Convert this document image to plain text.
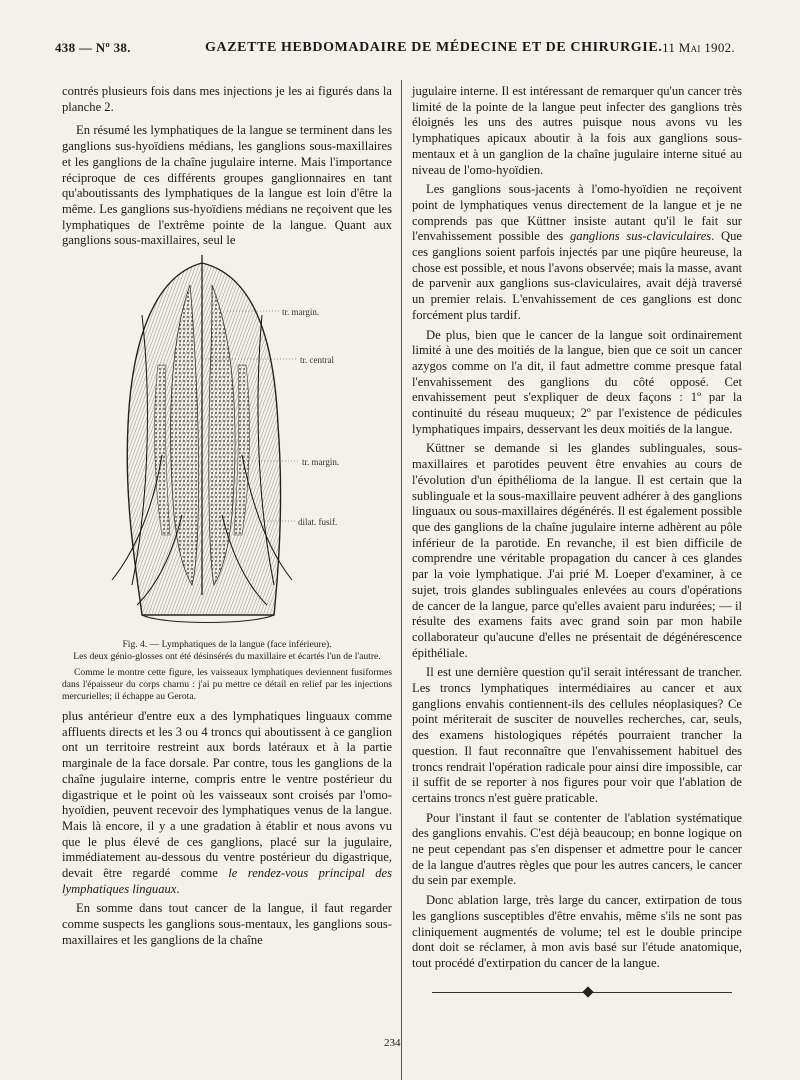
438 — Nº 38.	GAZETTE HEBDOMADAIRE DE MÉDECINE ET DE CHIRURGIE. 11 Mai 1902.

contrés plusieurs fois dans mes injections je les ai figurés dans la planche 2.

En résumé les lymphatiques de la langue se terminent dans les ganglions sus-hyoïdiens médians, les ganglions sous-maxillaires et les ganglions de la chaîne jugulaire interne. Mais l'importance réciproque de ces différents groupes ganglionnaires en tant qu'aboutissants des lymphatiques de la langue est loin d'être la même. Les ganglions sus-hyoïdiens médians ne reçoivent que les lymphatiques de l'extrême pointe de la langue. Quant aux ganglions sous-maxillaires, seul le

tr. margin.
tr. central
tr. margin.
dilat. fusif.
Fig. 4. — Lymphatiques de la langue (face inférieure).
Les deux génio-glosses ont été désinsérés du maxillaire et écartés l'un de l'autre.
Comme le montre cette figure, les vaisseaux lymphatiques deviennent fusiformes dans l'épaisseur du corps charnu : j'ai pu mettre ce détail en relief par les injections mercurielles; il échappe au Gerota.

plus antérieur d'entre eux a des lymphatiques linguaux comme affluents directs et les 3 ou 4 troncs qui aboutissent à ce ganglion ont un territoire restreint aux bords latéraux et à la partie marginale de la face dorsale. Par contre, tous les ganglions de la chaîne jugulaire interne, compris entre le ventre postérieur du digastrique et le point où les vaisseaux sont croisés par l'omo-hyoïdien, peuvent recevoir des lymphatiques venus de la langue. Mais là encore, il y a une gradation à établir et nous avons vu que le plus élevé de ces ganglions, placé sur la jugulaire, immédiatement au-dessous du ventre postérieur du digastrique, devait être regardé comme le rendez-vous principal des lymphatiques linguaux.

En somme dans tout cancer de la langue, il faut regarder comme suspects les ganglions sous-mentaux, les ganglions sous-maxillaires et les ganglions de la chaîne

jugulaire interne. Il est intéressant de remarquer qu'un cancer très limité de la pointe de la langue peut infecter des ganglions très éloignés les uns des autres puisque nous avons vu les lymphatiques apicaux aboutir à la fois aux ganglions sous-mentaux et à un ganglion de la chaîne jugulaire interne situé au niveau de l'omo-hyoïdien.

Les ganglions sous-jacents à l'omo-hyoïdien ne reçoivent point de lymphatiques venus directement de la langue et je ne comprends pas que Küttner insiste autant qu'il le fait sur l'envahissement possible des ganglions sus-claviculaires. Que ces ganglions soient parfois injectés par une piqûre heureuse, la chose est possible, et nous l'avons observée; mais la masse, avant de parvenir aux ganglions sus-claviculaires, avait déjà traversé un premier relais. L'envahissement de ces ganglions est donc forcément plus tardif.

De plus, bien que le cancer de la langue soit ordinairement limité à une des moitiés de la langue, bien que ce soit un cancer azygos comme on l'a dit, il faut admettre comme presque fatal l'envahissement des ganglions du côté opposé. Cet envahissement peut s'expliquer de deux façons : 1º par la continuité du réseau muqueux; 2º par l'existence de pédicules lymphatiques impairs, desservant les deux moitiés de la langue.

Küttner se demande si les glandes sublinguales, sous-maxillaires et parotides peuvent être envahies au cours de l'évolution d'un épithélioma de la langue. Il est certain que la sublinguale et la sous-maxillaire peuvent adhérer à des ganglions linguaux ou sous-maxillaires dégénérés. Il est également possible que des ganglions de la chaîne jugulaire interne adhèrent au pôle inférieur de la parotide. En revanche, il est bien difficile de comprendre une véritable propagation du cancer à ces glandes par la voie lymphatique. J'ai prié M. Loeper d'examiner, à ce sujet, trois glandes sublinguales enlevées au cours d'opérations de cancer de la langue, parce qu'elles avaient paru indurées; — il résulte des examens faits avec grand soin par mon habile collaborateur qu'aucune d'elles ne présentait de dégénérescence épithéliale.

Il est une dernière question qu'il serait intéressant de trancher. Les troncs lymphatiques intermédiaires au cancer et aux ganglions envahis contiennent-ils des cellules néoplasiques? Ce point mériterait de susciter de nouvelles recherches, car, seuls, des examens histologiques répétés pourraient trancher la question. Il faut reconnaître que l'envahissement habituel des troncs rendrait l'opération radicale pour ainsi dire impossible, car il suffit de se reporter à nos figures pour voir que l'ablation de certains troncs n'est guère praticable.

Pour l'instant il faut se contenter de l'ablation systématique des ganglions envahis. C'est déjà beaucoup; en bonne logique on ne peut cependant pas s'en dispenser et admettre pour le cancer de la langue d'autres règles que pour les autres cancers, le cancer du sein par exemple.

Donc ablation large, très large du cancer, extirpation de tous les ganglions susceptibles d'être envahis, même s'ils ne sont pas cliniquement augmentés de volume; tel est le double principe dont doit se réclamer, à mon avis basé sur l'étude anatomique, tout procédé d'extirpation du cancer de la langue.

234
